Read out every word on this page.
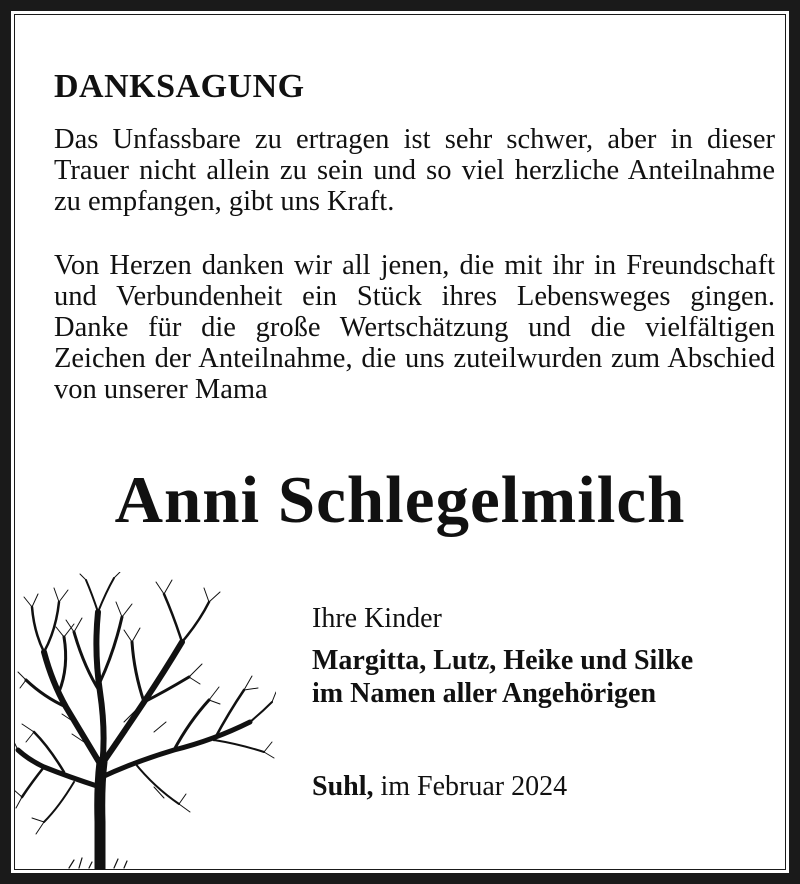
DANKSAGUNG

Das Unfassbare zu ertragen ist sehr schwer, aber in dieser Trauer nicht allein zu sein und so viel herzliche Anteilnahme zu empfangen, gibt uns Kraft.

Von Herzen danken wir all jenen, die mit ihr in Freundschaft und Verbundenheit ein Stück ihres Lebensweges gingen. Danke für die große Wertschätzung und die vielfältigen Zeichen der Anteilnahme, die uns zuteilwurden zum Abschied von unserer Mama

Anni Schlegelmilch
Ihre Kinder
Margitta, Lutz, Heike und Silke
im Namen aller Angehörigen
Suhl, im Februar 2024
